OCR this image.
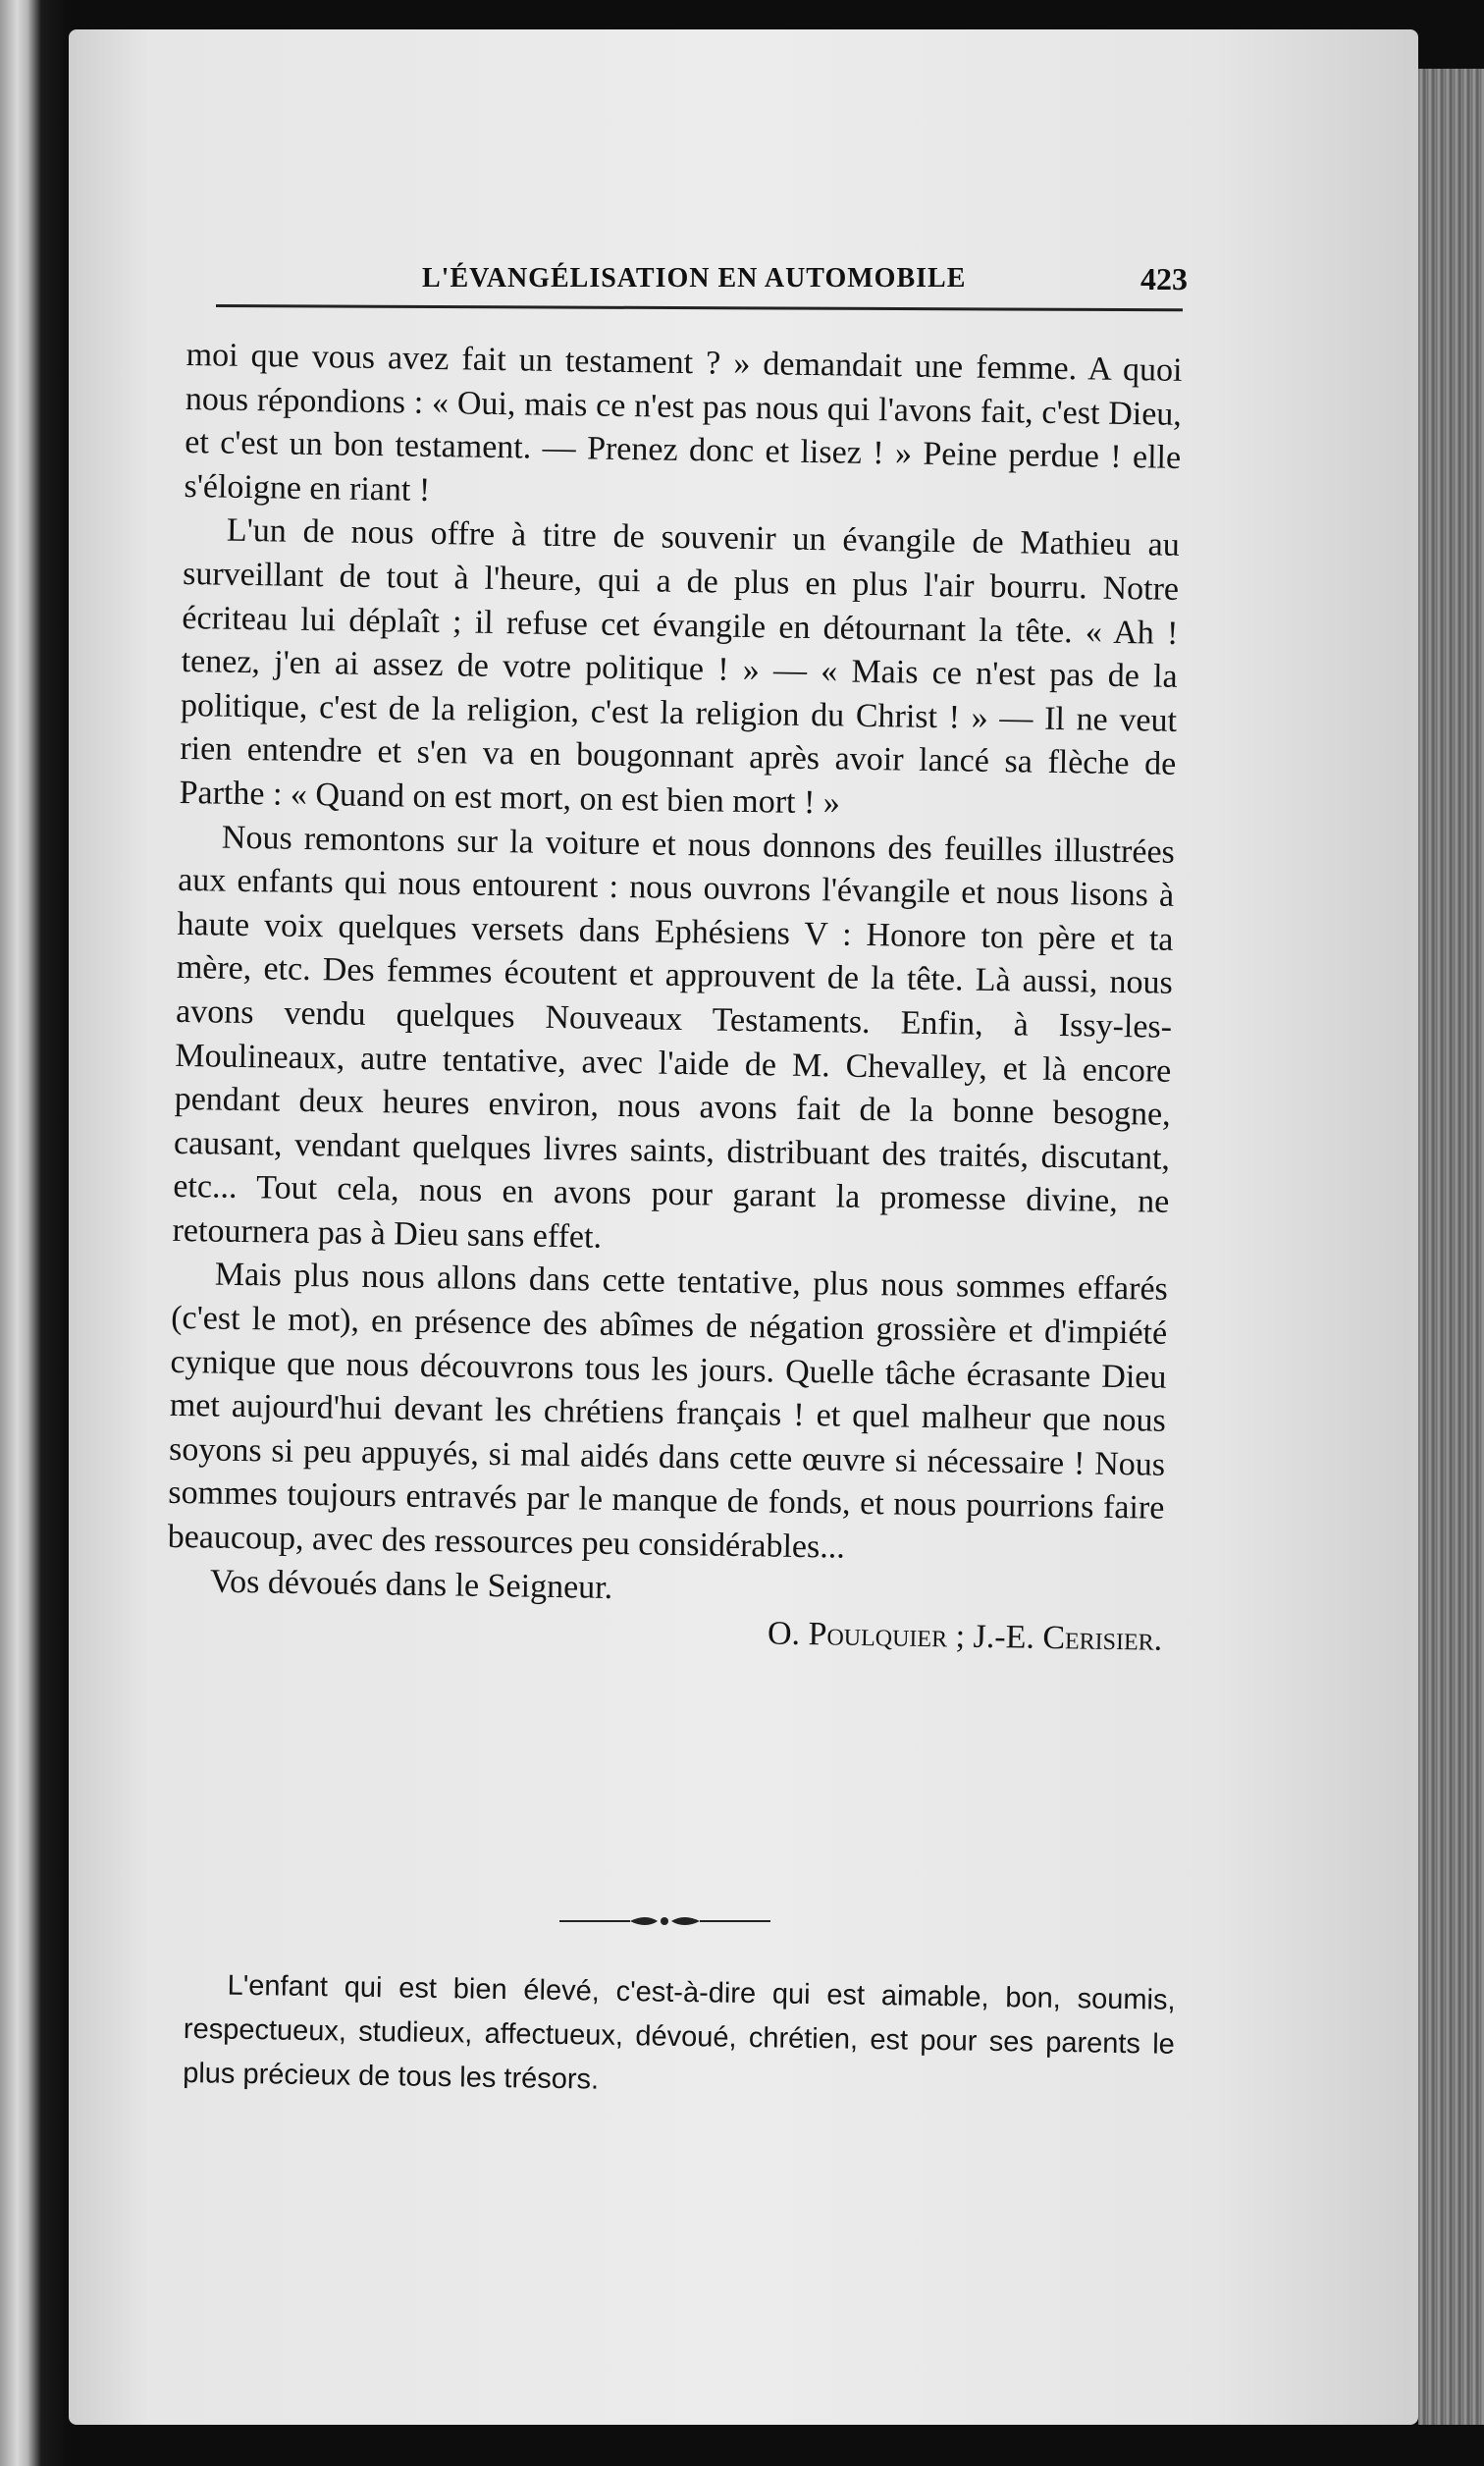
L'ÉVANGÉLISATION EN AUTOMOBILE	423

moi que vous avez fait un testament ? » demandait une femme. A quoi nous répondions : « Oui, mais ce n'est pas nous qui l'avons fait, c'est Dieu, et c'est un bon testament. — Prenez donc et lisez ! » Peine perdue ! elle s'éloigne en riant !

L'un de nous offre à titre de souvenir un évangile de Mathieu au surveillant de tout à l'heure, qui a de plus en plus l'air bourru. Notre écriteau lui déplaît ; il refuse cet évangile en détournant la tête. « Ah ! tenez, j'en ai assez de votre politique ! » — « Mais ce n'est pas de la politique, c'est de la religion, c'est la religion du Christ ! » — Il ne veut rien entendre et s'en va en bougonnant après avoir lancé sa flèche de Parthe : « Quand on est mort, on est bien mort ! »

Nous remontons sur la voiture et nous donnons des feuilles illustrées aux enfants qui nous entourent : nous ouvrons l'évangile et nous lisons à haute voix quelques versets dans Ephésiens V : Honore ton père et ta mère, etc. Des femmes écoutent et approuvent de la tête. Là aussi, nous avons vendu quelques Nouveaux Testaments. Enfin, à Issy-les-Moulineaux, autre tentative, avec l'aide de M. Chevalley, et là encore pendant deux heures environ, nous avons fait de la bonne besogne, causant, vendant quelques livres saints, distribuant des traités, discutant, etc... Tout cela, nous en avons pour garant la promesse divine, ne retournera pas à Dieu sans effet.

Mais plus nous allons dans cette tentative, plus nous sommes effarés (c'est le mot), en présence des abîmes de négation grossière et d'impiété cynique que nous découvrons tous les jours. Quelle tâche écrasante Dieu met aujourd'hui devant les chrétiens français ! et quel malheur que nous soyons si peu appuyés, si mal aidés dans cette œuvre si nécessaire ! Nous sommes toujours entravés par le manque de fonds, et nous pourrions faire beaucoup, avec des ressources peu considérables...

Vos dévoués dans le Seigneur.

O. Poulquier ; J.-E. Cerisier.

L'enfant qui est bien élevé, c'est-à-dire qui est aimable, bon, soumis, respectueux, studieux, affectueux, dévoué, chrétien, est pour ses parents le plus précieux de tous les trésors.
